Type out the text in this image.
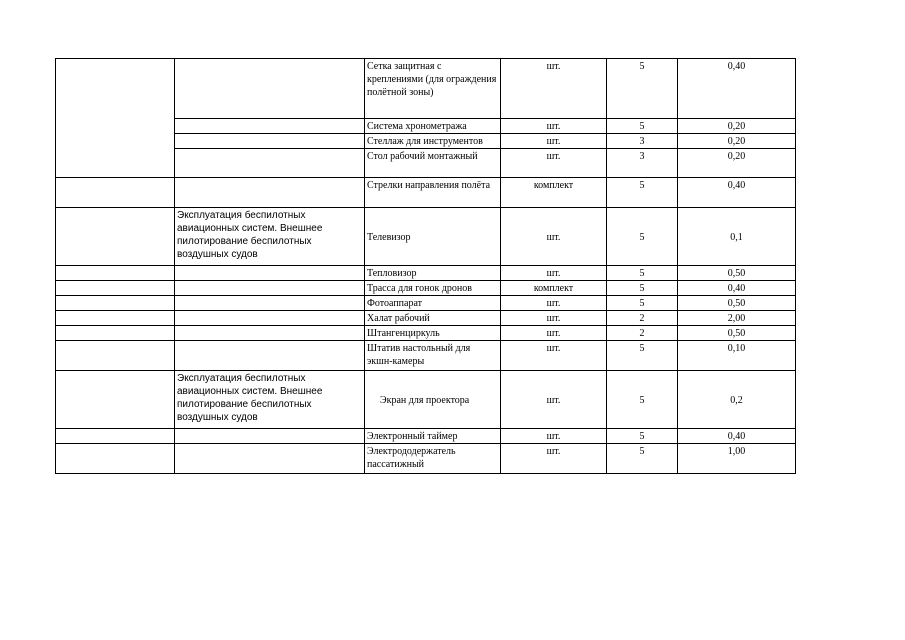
		Сетка защитная с креплениями (для ограждения полётной зоны)	шт.	5	0,40
		Система хронометража	шт.	5	0,20
		Стеллаж для инструментов	шт.	3	0,20
		Стол рабочий монтажный	шт.	3	0,20
		Стрелки направления полёта	комплект	5	0,40
	Эксплуатация беспилотных авиационных систем. Внешнее пилотирование беспилотных воздушных судов	Телевизор	шт.	5	0,1
		Тепловизор	шт.	5	0,50
		Трасса для гонок дронов	комплект	5	0,40
		Фотоаппарат	шт.	5	0,50
		Халат рабочий	шт.	2	2,00
		Штангенциркуль	шт.	2	0,50
		Штатив настольный для экшн-камеры	шт.	5	0,10
	Эксплуатация беспилотных авиационных систем. Внешнее пилотирование беспилотных воздушных судов	Экран для проектора	шт.	5	0,2
		Электронный таймер	шт.	5	0,40
		Электрододержатель пассатижный	шт.	5	1,00
